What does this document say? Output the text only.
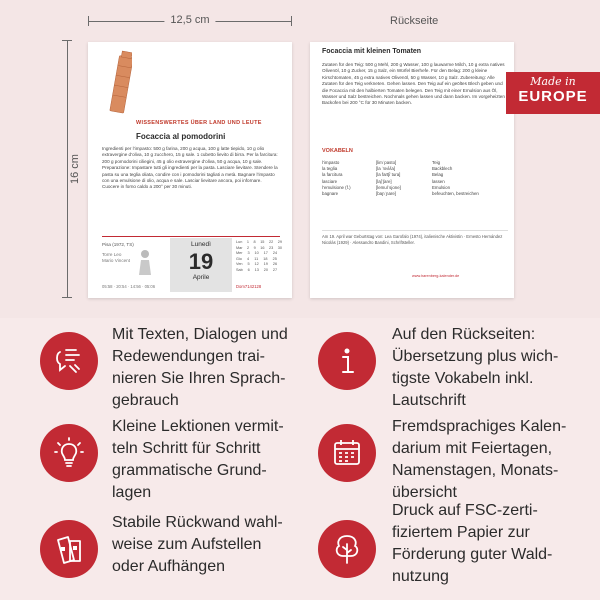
12,5 cm
16 cm
Rückseite
WISSENSWERTES ÜBER LAND UND LEUTE
Focaccia al pomodorini
Ingredienti per l’impasto: 500 g farina, 200 g acqua, 100 g latte tiepido, 10 g olio extravergine d’oliva, 10 g zucchero, 15 g sale. 1 cubetto lievito di birra. Per la farcitura: 200 g pomodorini ciliegini, 45 g olio extravergine d’oliva, 50 g acqua, 10 g sale. Preparazione: Impastare tutti gli ingredienti per la pasta. Lasciare lievitare. Stendere la pasta su una teglia oliata, condire con i pomodorini tagliati a metà. Bagnare l’impasto con una emulsione di olio, acqua e sale. Lasciar lievitare ancora, poi infornare. Cuocere in forno caldo a 200° per 30 minuti.
Pisa (1972, TS)
Torre Leo Mario Vincent
05:58 · 20:54 · 14:56 · 05:06
Lunedì
19
Aprile
Lun 1 8 15 22 29
Mar 2 9 16 23 30
Mer 3 10 17 24
Gio 4 11 18 25
Ven 5 12 19 26
Sab 6 13 20 27
Dom 7 14 21 28
Focaccia mit kleinen Tomaten
Zutaten für den Teig: 500 g Mehl, 200 g Wasser, 100 g lauwarme Milch, 10 g extra natives Olivenöl, 10 g Zucker, 15 g Salz, ein Würfel Bierhefe. Für den Belag: 200 g kleine Kirschtomaten, 45 g extra natives Olivenöl, 50 g Wasser, 10 g Salz. Zubereitung: Alle Zutaten für den Teig verkneten. Gehen lassen. Den Teig auf ein geöltes Blech geben und die Focaccia mit den halbierten Tomaten belegen. Den Teig mit einer Emulsion aus Öl, Wasser und Salz bestreichen. Nochmals gehen lassen und dann backen. Im vorgeheizten Backofen bei 200 °C für 30 Minuten backen.
VOKABELN
l’impasto	[limˈpasto]	Teig
la teglia	[la ˈteʎʎa]	Backblech
la farcitura	[la fartʃiˈtura]	Belag
lasciare	[laʃˈʃare]	lassen
l’emulsione (f.)	[lemulˈsjone]	Emulsion
bagnare	[baɲˈɲare]	befeuchten, bestreichen
Am 19. April war Geburtstag von: Lea Garofalo (1974), italienische Aktivistin · Ernesto Hernández Nicolás (1929) · Alessandro Bandini, Schriftsteller.
www.harenberg-kalender.de
Made in
EUROPE
Mit Texten, Dialogen und
Redewendungen trai-
nieren Sie Ihren Sprach-
gebrauch
Auf den Rückseiten:
Übersetzung plus wich-
tigste Vokabeln inkl.
Lautschrift
Kleine Lektionen vermit-
teln Schritt für Schritt
grammatische Grund-
lagen
Fremdsprachiges Kalen-
darium mit Feiertagen,
Namenstagen, Monats-
übersicht
Stabile Rückwand wahl-
weise zum Aufstellen
oder Aufhängen
Druck auf FSC-zerti-
fiziertem Papier zur
Förderung guter Wald-
nutzung
